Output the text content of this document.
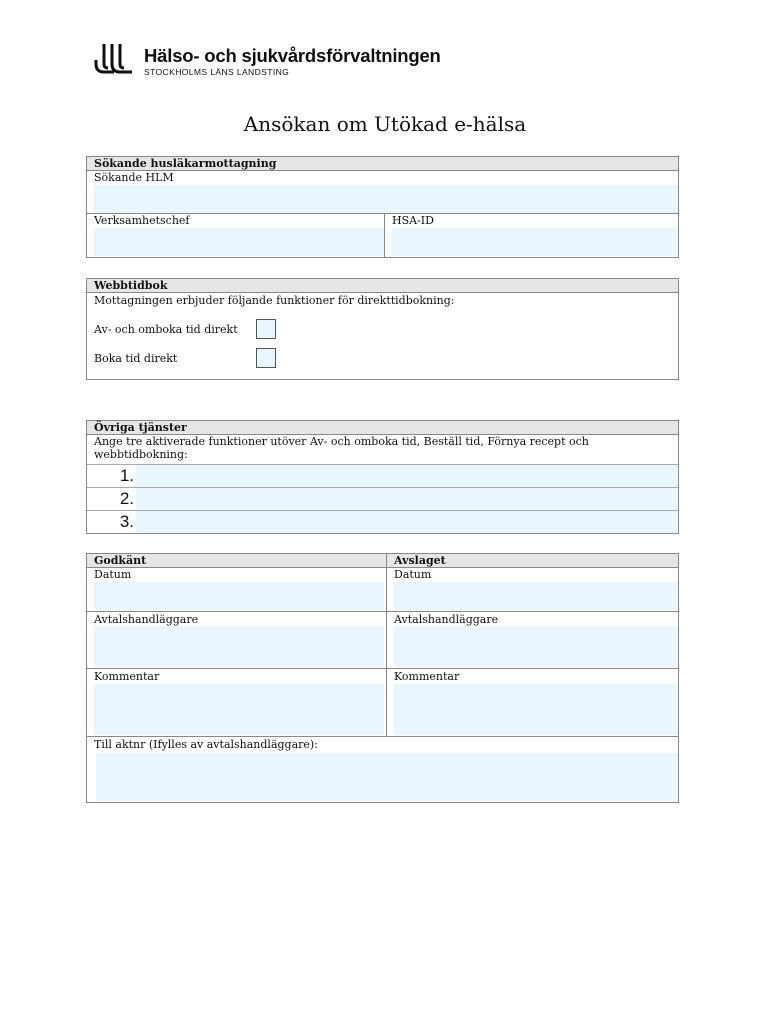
Hälso- och sjukvårdsförvaltningen
STOCKHOLMS LÄNS LANDSTING
Ansökan om Utökad e-hälsa
Sökande husläkarmottagning
Sökande HLM
Verksamhetschef	HSA-ID
Webbtidbok
Mottagningen erbjuder följande funktioner för direkttidbokning:
Av- och omboka tid direkt
Boka tid direkt
Övriga tjänster
Ange tre aktiverade funktioner utöver Av- och omboka tid, Beställ tid, Förnya recept och webbtidbokning:
1.
2.
3.
Godkänt	Avslaget
Datum	Datum
Avtalshandläggare	Avtalshandläggare
Kommentar	Kommentar
Till aktnr (Ifylles av avtalshandläggare):
